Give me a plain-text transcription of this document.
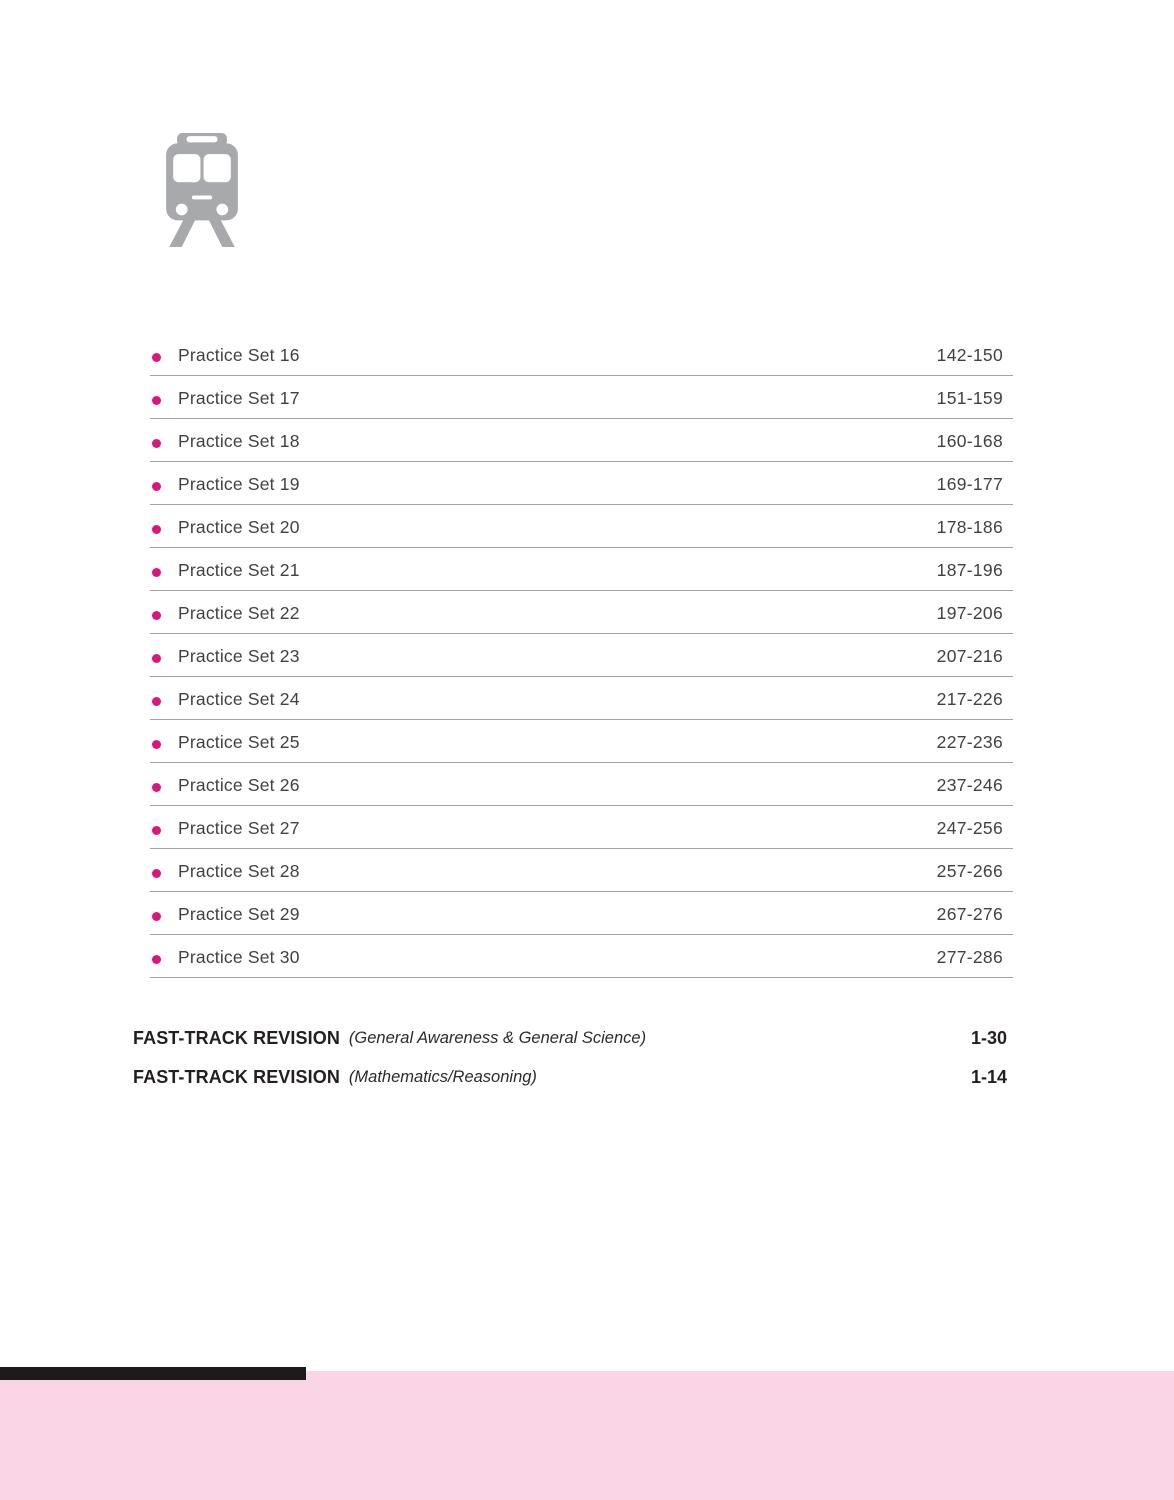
Practice Set 16	142-150
Practice Set 17	151-159
Practice Set 18	160-168
Practice Set 19	169-177
Practice Set 20	178-186
Practice Set 21	187-196
Practice Set 22	197-206
Practice Set 23	207-216
Practice Set 24	217-226
Practice Set 25	227-236
Practice Set 26	237-246
Practice Set 27	247-256
Practice Set 28	257-266
Practice Set 29	267-276
Practice Set 30	277-286
FAST-TRACK REVISION (General Awareness & General Science)	1-30
FAST-TRACK REVISION (Mathematics/Reasoning)	1-14
